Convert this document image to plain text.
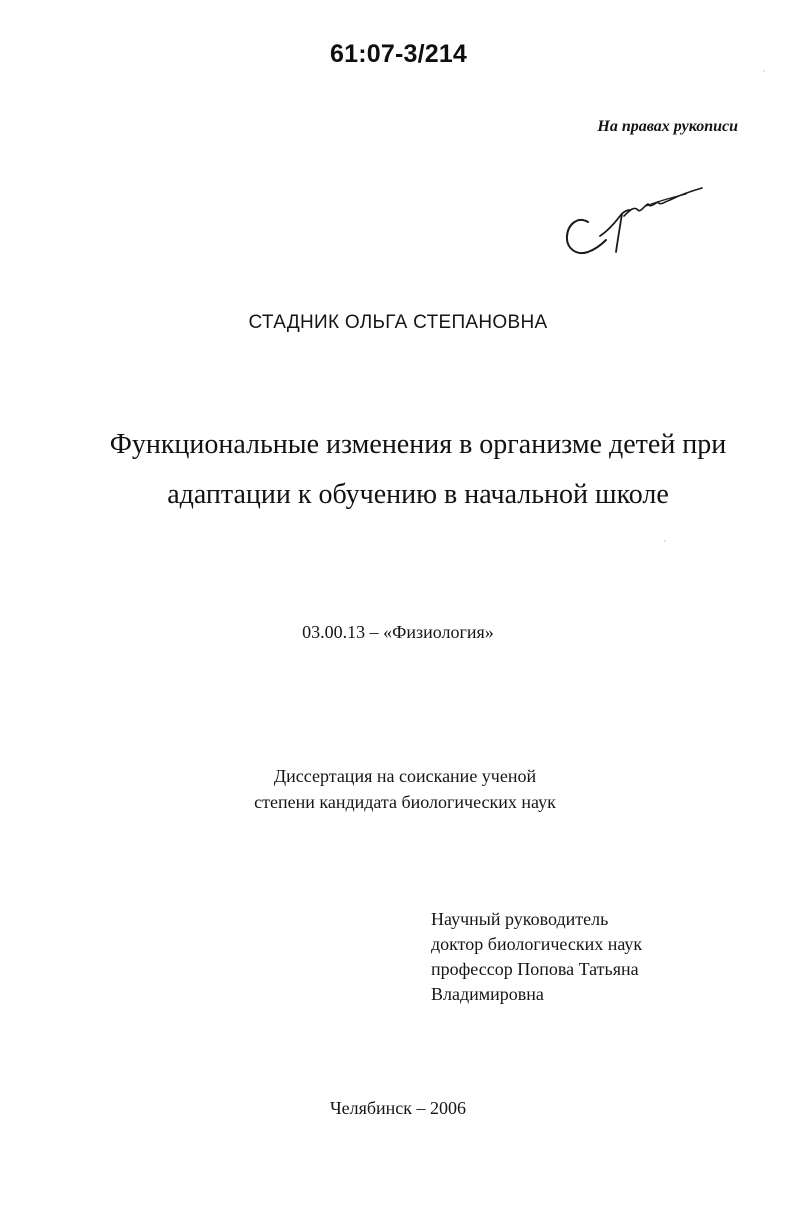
61:07-3/214
На правах рукописи
СТАДНИК ОЛЬГА СТЕПАНОВНА
Функциональные изменения в организме детей при
адаптации к обучению в начальной школе
03.00.13 – «Физиология»
Диссертация на соискание ученой
степени кандидата биологических наук
Научный руководитель
доктор биологических наук
профессор Попова Татьяна
Владимировна
Челябинск – 2006
